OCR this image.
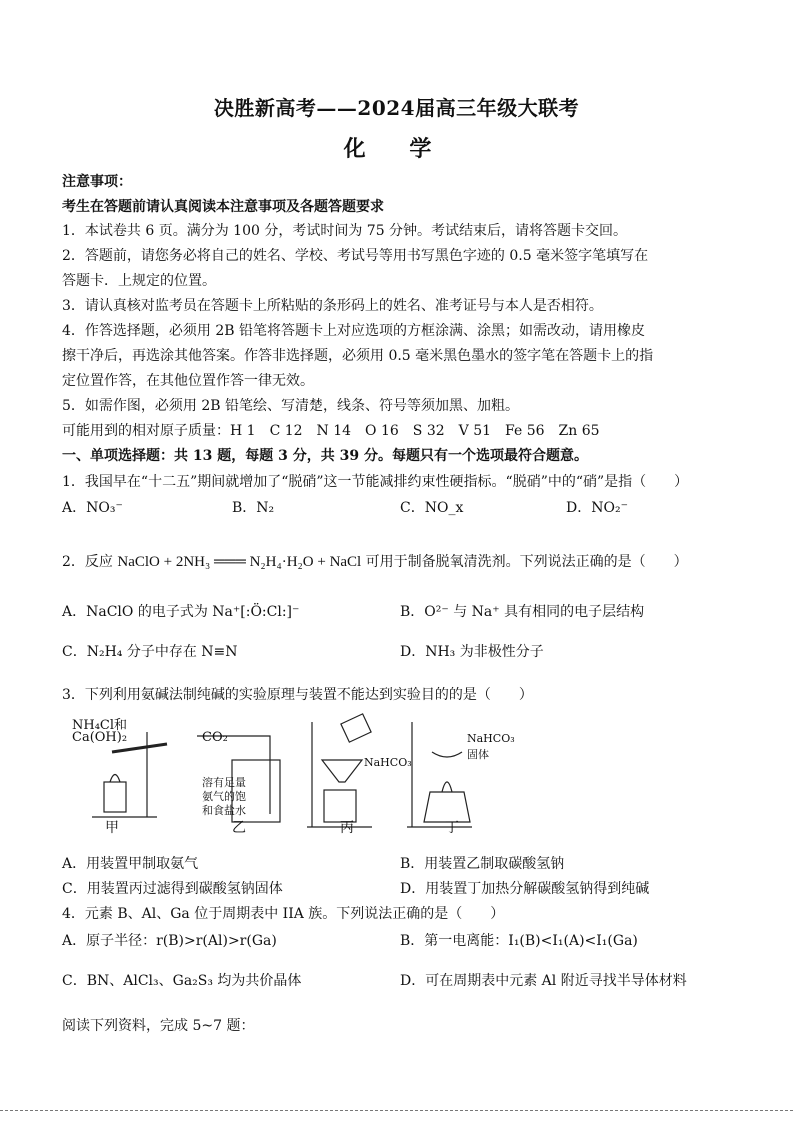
决胜新高考——2024届高三年级大联考
化 学
注意事项：
考生在答题前请认真阅读本注意事项及各题答题要求
1．本试卷共 6 页。满分为 100 分，考试时间为 75 分钟。考试结束后，请将答题卡交回。
2．答题前，请您务必将自己的姓名、学校、考试号等用书写黑色字迹的 0.5 毫米签字笔填写在
答题卡．上规定的位置。
3．请认真核对监考员在答题卡上所粘贴的条形码上的姓名、准考证号与本人是否相符。
4．作答选择题，必须用 2B 铅笔将答题卡上对应选项的方框涂满、涂黑；如需改动，请用橡皮
擦干净后，再选涂其他答案。作答非选择题，必须用 0.5 毫米黑色墨水的签字笔在答题卡上的指
定位置作答，在其他位置作答一律无效。
5．如需作图，必须用 2B 铅笔绘、写清楚，线条、符号等须加黑、加粗。
可能用到的相对原子质量：H 1　C 12　N 14　O 16　S 32　V 51　Fe 56　Zn 65
一、单项选择题：共 13 题，每题 3 分，共 39 分。每题只有一个选项最符合题意。
1．我国早在“十二五”期间就增加了“脱硝”这一节能减排约束性硬指标。“脱硝”中的“硝”是指（　　）
A．NO₃⁻	B．N₂	C．NO_x	D．NO₂⁻
2．反应 NaClO + 2NH₃ ═══ N₂H₄·H₂O + NaCl 可用于制备脱氧清洗剂。下列说法正确的是（　　）
A．NaClO 的电子式为 Na⁺[:Ö:Cl:]⁻	B．O²⁻ 与 Na⁺ 具有相同的电子层结构
C．N₂H₄ 分子中存在 N≡N	D．NH₃ 为非极性分子
3．下列利用氨碱法制纯碱的实验原理与装置不能达到实验目的的是（　　）
NH₄Cl和
Ca(OH)₂	CO₂
溶有足量
氨气的饱
和食盐水
NaHCO₃
NaHCO₃
固体
甲	乙	丙	丁
A．用装置甲制取氨气	B．用装置乙制取碳酸氢钠
C．用装置丙过滤得到碳酸氢钠固体	D．用装置丁加热分解碳酸氢钠得到纯碱
4．元素 B、Al、Ga 位于周期表中 IIA 族。下列说法正确的是（　　）
A．原子半径：r(B)>r(Al)>r(Ga)	B．第一电离能：I₁(B)<I₁(A)<I₁(Ga)
C．BN、AlCl₃、Ga₂S₃ 均为共价晶体	D．可在周期表中元素 Al 附近寻找半导体材料
阅读下列资料，完成 5~7 题：
